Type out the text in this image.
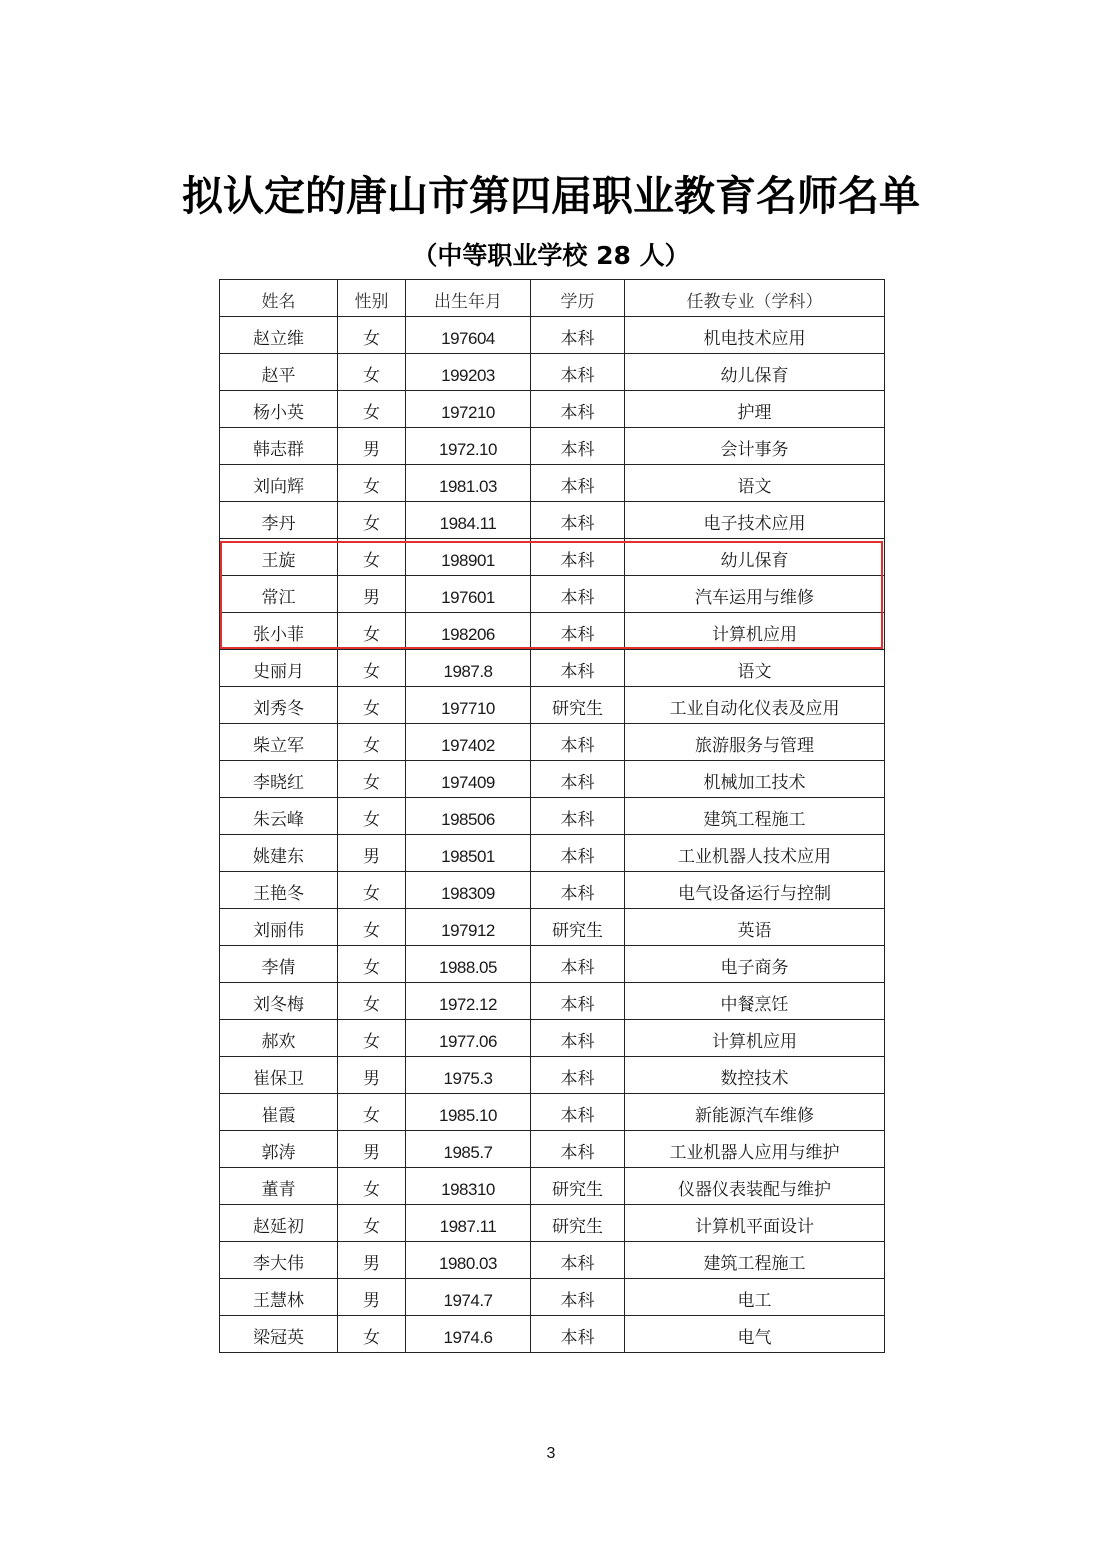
拟认定的唐山市第四届职业教育名师名单
（中等职业学校 28 人）
姓名	性别	出生年月	学历	任教专业（学科）
赵立维	女	197604	本科	机电技术应用
赵平	女	199203	本科	幼儿保育
杨小英	女	197210	本科	护理
韩志群	男	1972.10	本科	会计事务
刘向辉	女	1981.03	本科	语文
李丹	女	1984.11	本科	电子技术应用
王旋	女	198901	本科	幼儿保育
常江	男	197601	本科	汽车运用与维修
张小菲	女	198206	本科	计算机应用
史丽月	女	1987.8	本科	语文
刘秀冬	女	197710	研究生	工业自动化仪表及应用
柴立军	女	197402	本科	旅游服务与管理
李晓红	女	197409	本科	机械加工技术
朱云峰	女	198506	本科	建筑工程施工
姚建东	男	198501	本科	工业机器人技术应用
王艳冬	女	198309	本科	电气设备运行与控制
刘丽伟	女	197912	研究生	英语
李倩	女	1988.05	本科	电子商务
刘冬梅	女	1972.12	本科	中餐烹饪
郝欢	女	1977.06	本科	计算机应用
崔保卫	男	1975.3	本科	数控技术
崔霞	女	1985.10	本科	新能源汽车维修
郭涛	男	1985.7	本科	工业机器人应用与维护
董青	女	198310	研究生	仪器仪表装配与维护
赵延初	女	1987.11	研究生	计算机平面设计
李大伟	男	1980.03	本科	建筑工程施工
王慧林	男	1974.7	本科	电工
梁冠英	女	1974.6	本科	电气
3
